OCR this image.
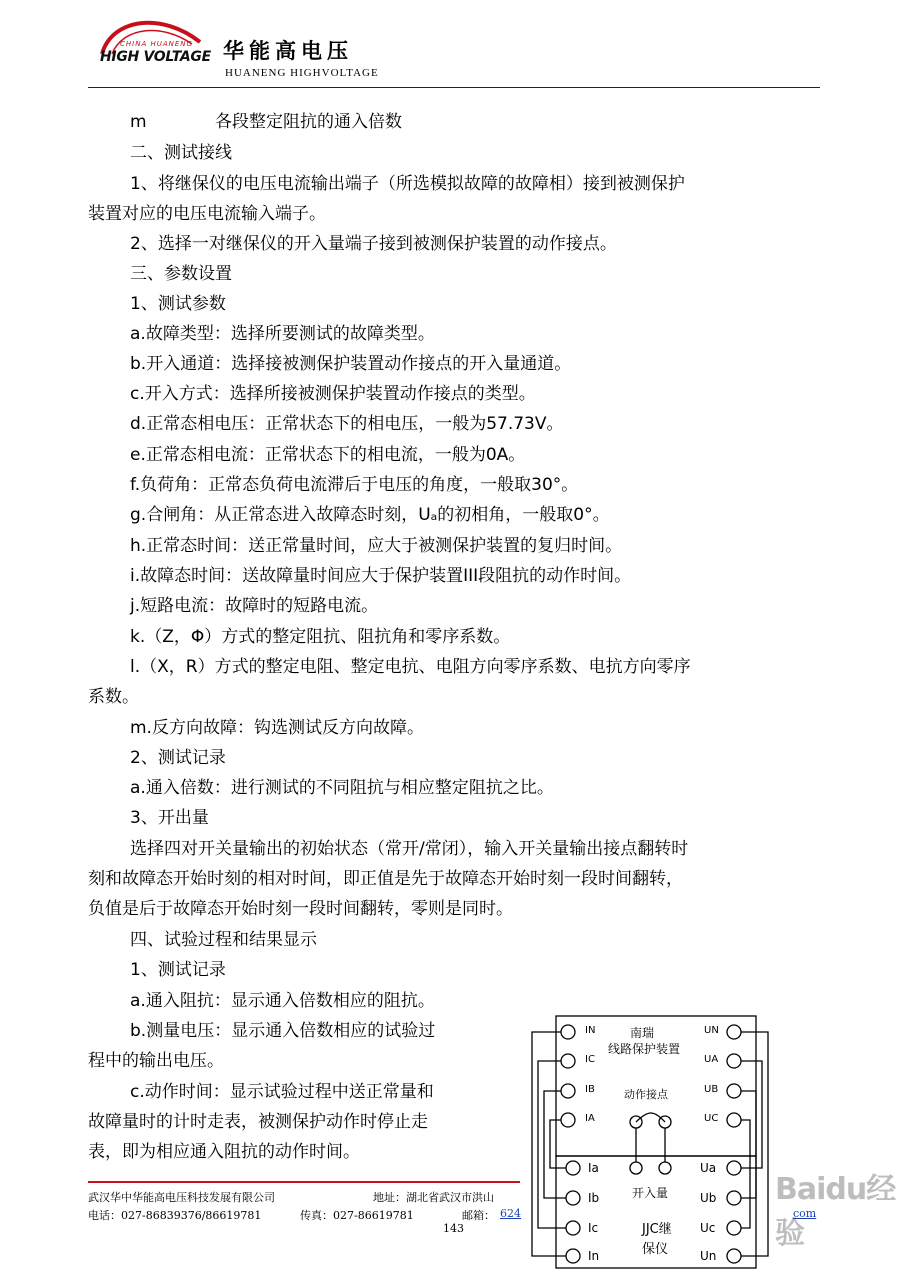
CHINA HUANENG
HIGH VOLTAGE 华能高电压
HUANENG HIGHVOLTAGE
m	各段整定阻抗的通入倍数
二、测试接线
1、将继保仪的电压电流输出端子（所选模拟故障的故障相）接到被测保护
装置对应的电压电流输入端子。
2、选择一对继保仪的开入量端子接到被测保护装置的动作接点。
三、参数设置
1、测试参数
a.故障类型：选择所要测试的故障类型。
b.开入通道：选择接被测保护装置动作接点的开入量通道。
c.开入方式：选择所接被测保护装置动作接点的类型。
d.正常态相电压：正常状态下的相电压，一般为57.73V。
e.正常态相电流：正常状态下的相电流，一般为0A。
f.负荷角：正常态负荷电流滞后于电压的角度，一般取30°。
g.合闸角：从正常态进入故障态时刻，Uₐ的初相角，一般取0°。
h.正常态时间：送正常量时间，应大于被测保护装置的复归时间。
i.故障态时间：送故障量时间应大于保护装置III段阻抗的动作时间。
j.短路电流：故障时的短路电流。
k.（Z，Φ）方式的整定阻抗、阻抗角和零序系数。
l.（X，R）方式的整定电阻、整定电抗、电阻方向零序系数、电抗方向零序
系数。
m.反方向故障：钩选测试反方向故障。
2、测试记录
a.通入倍数：进行测试的不同阻抗与相应整定阻抗之比。
3、开出量
选择四对开关量输出的初始状态（常开/常闭），输入开关量输出接点翻转时
刻和故障态开始时刻的相对时间，即正值是先于故障态开始时刻一段时间翻转，
负值是后于故障态开始时刻一段时间翻转，零则是同时。
四、试验过程和结果显示
1、测试记录
a.通入阻抗：显示通入倍数相应的阻抗。
b.测量电压：显示通入倍数相应的试验过
程中的输出电压。
c.动作时间：显示试验过程中送正常量和
故障量时的计时走表，被测保护动作时停止走
表，即为相应通入阻抗的动作时间。
南瑞
线路保护装置
动作接点
IN
IC
IB
IA
UN
UA
UB
UC
Ia
Ib
Ic
In
Ua
Ub
Uc
Un
开入量
JJC继
保仪
武汉华中华能高电压科技发展有限公司	地址：湖北省武汉市洪山
电话：027-86839376/86619781	传真：027-86619781	邮箱： 624
143
Baidu经验
com
